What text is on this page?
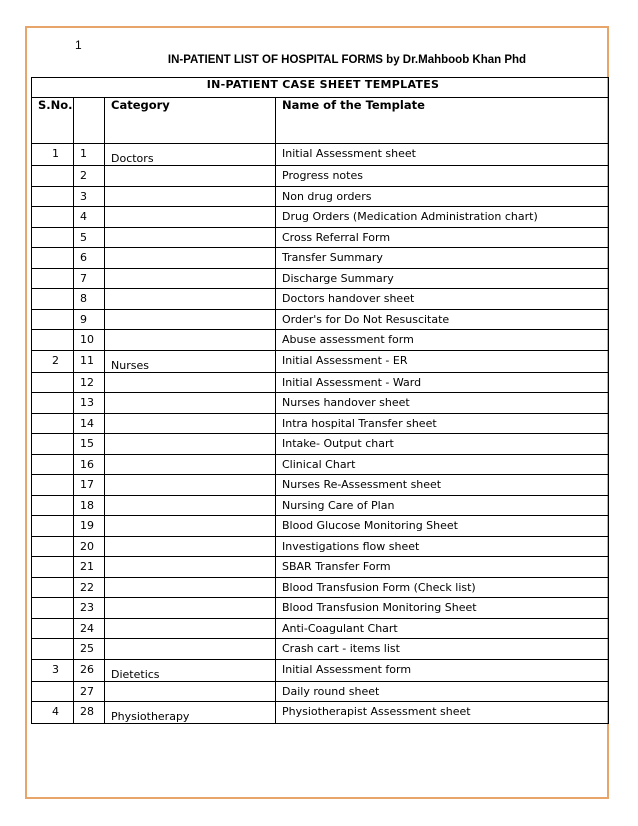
1
IN-PATIENT LIST OF HOSPITAL FORMS by Dr.Mahboob Khan Phd
IN-PATIENT CASE SHEET TEMPLATES			
S.No.		Category	Name of the Template
1	1	Doctors	Initial Assessment sheet
	2		Progress notes
	3		Non drug orders
	4		Drug Orders (Medication Administration chart)
	5		Cross Referral Form
	6		Transfer Summary
	7		Discharge Summary
	8		Doctors handover sheet
	9		Order's for Do Not Resuscitate
	10		Abuse assessment form
2	11	Nurses	Initial Assessment - ER
	12		Initial Assessment - Ward
	13		Nurses handover sheet
	14		Intra hospital Transfer sheet
	15		Intake- Output chart
	16		Clinical Chart
	17		Nurses Re-Assessment sheet
	18		Nursing Care of Plan
	19		Blood Glucose Monitoring Sheet
	20		Investigations flow sheet
	21		SBAR Transfer Form
	22		Blood Transfusion Form (Check list)
	23		Blood Transfusion Monitoring Sheet
	24		Anti-Coagulant Chart
	25		Crash cart - items list
3	26	Dietetics	Initial Assessment form
	27		Daily round sheet
4	28	Physiotherapy	Physiotherapist Assessment sheet
